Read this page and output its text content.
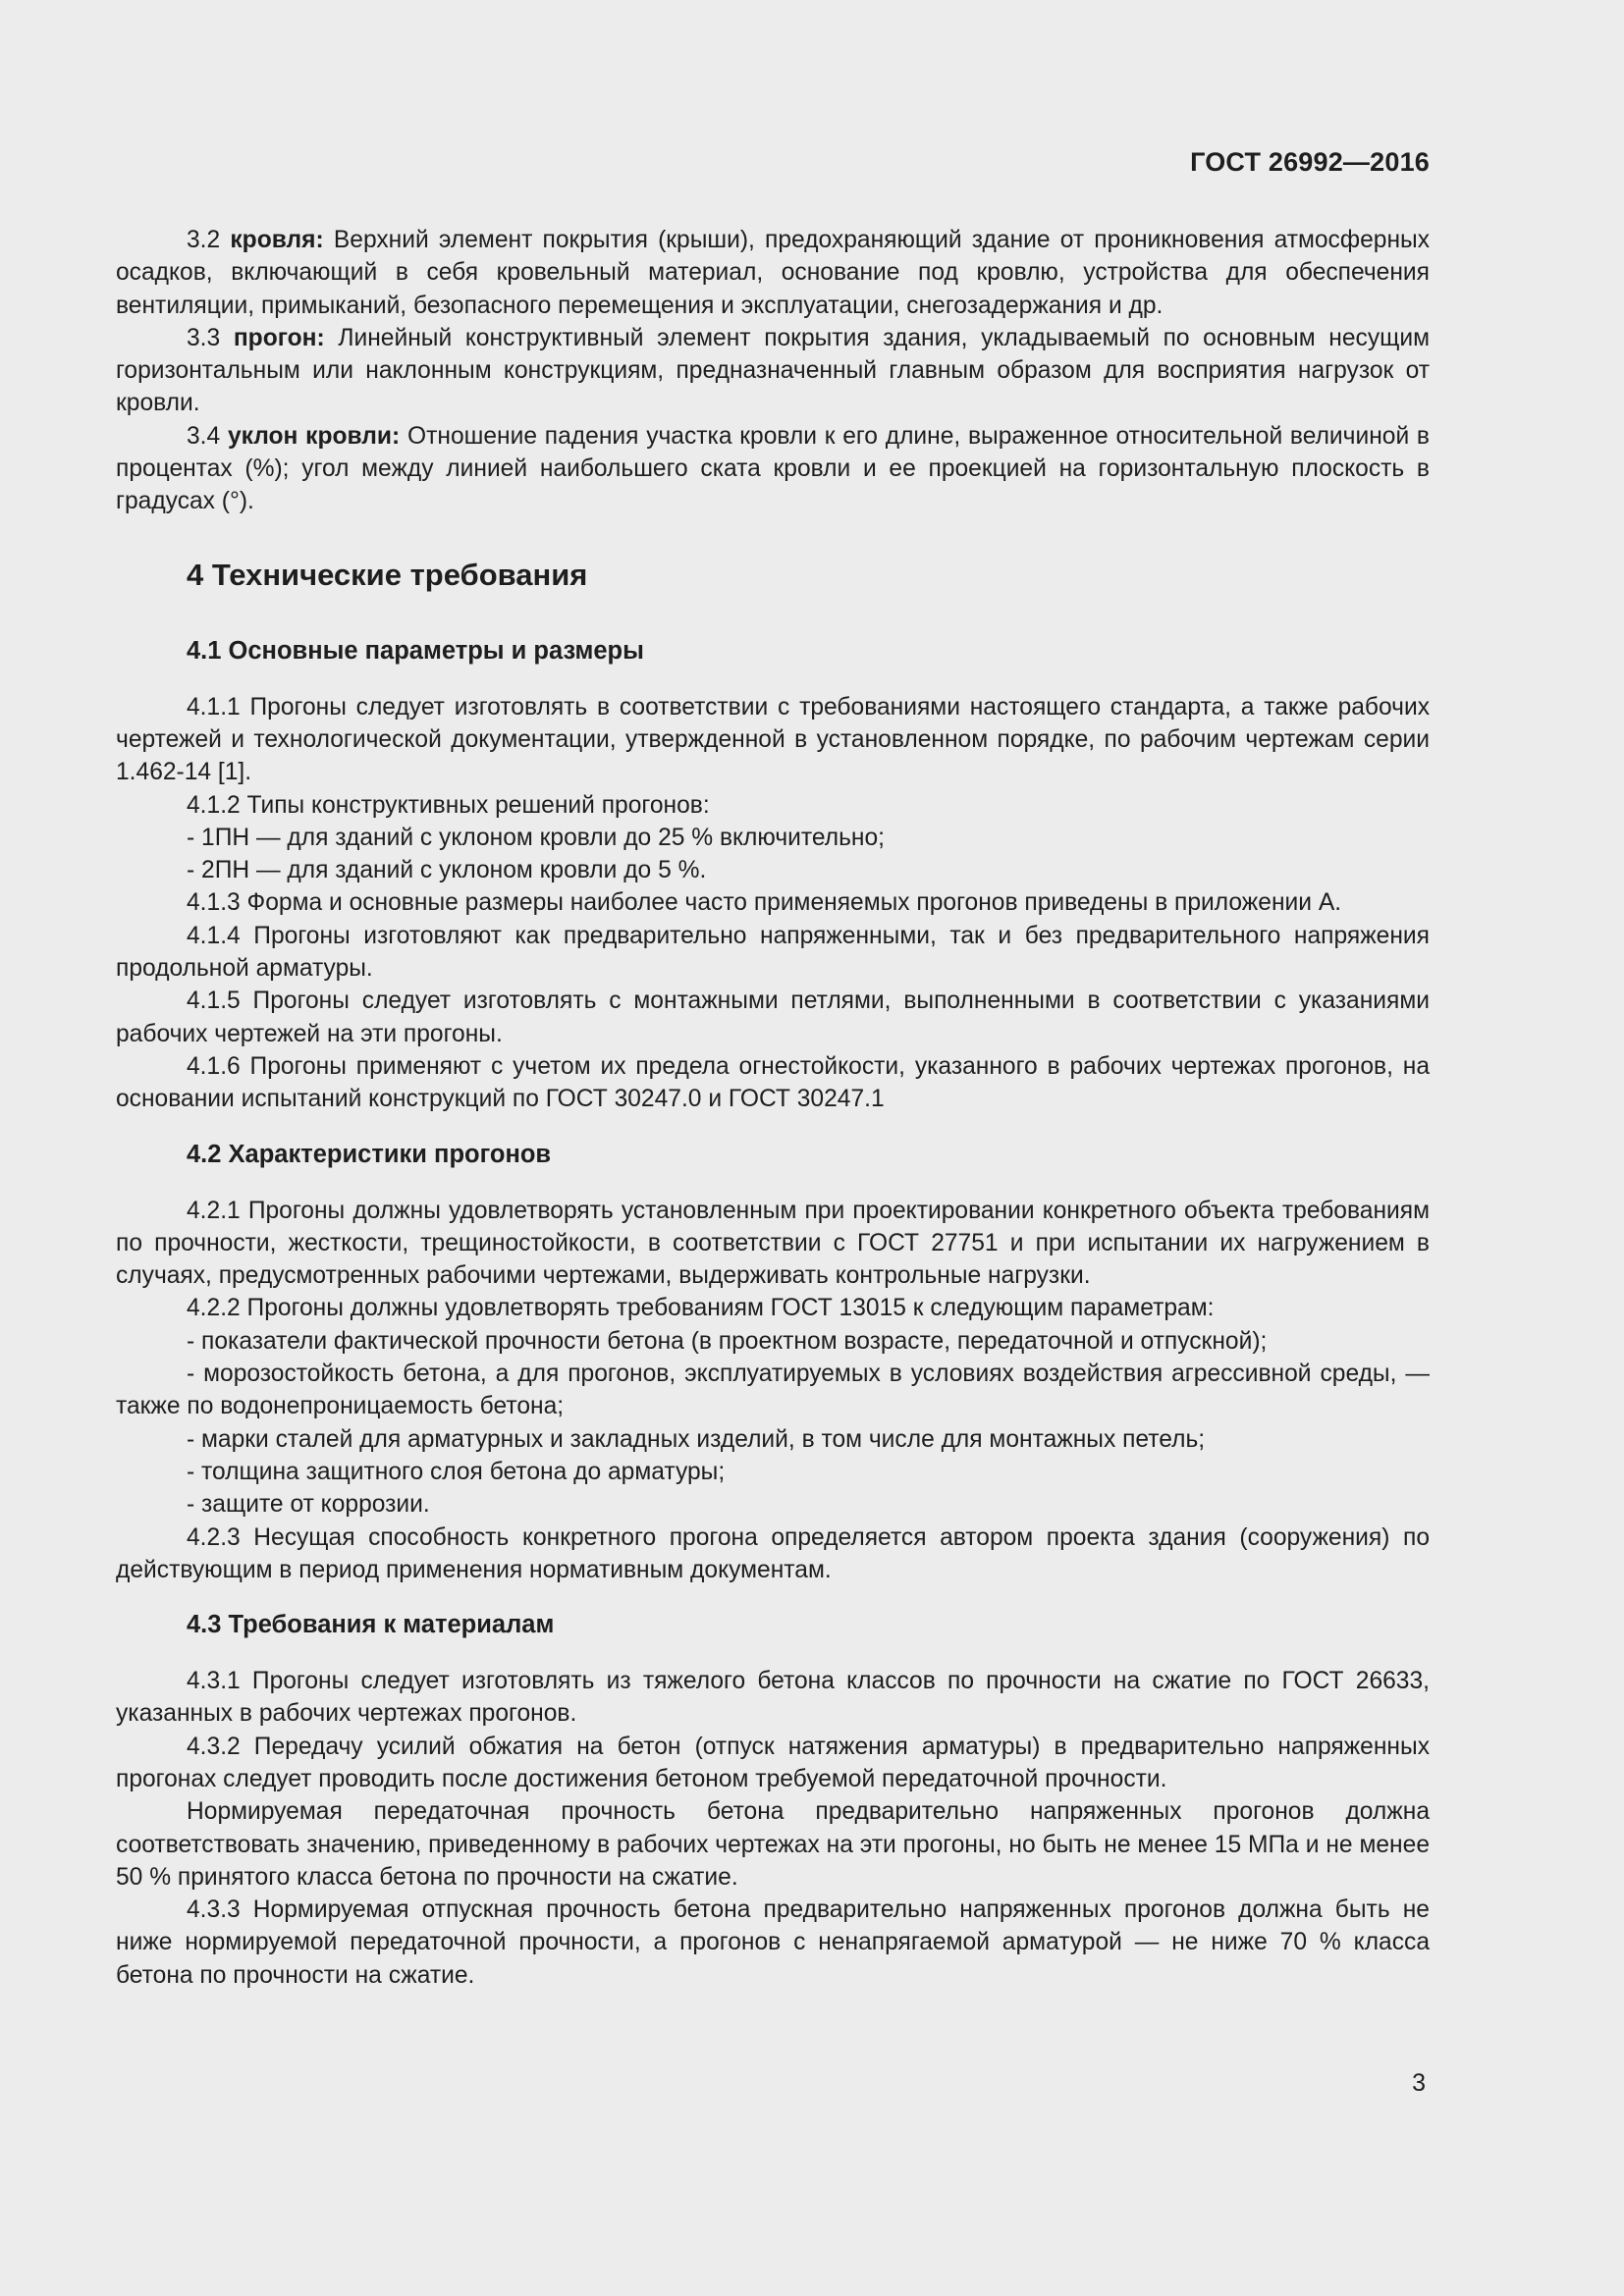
ГОСТ 26992—2016

3.2 кровля: Верхний элемент покрытия (крыши), предохраняющий здание от проникновения атмосферных осадков, включающий в себя кровельный материал, основание под кровлю, устройства для обеспечения вентиляции, примыканий, безопасного перемещения и эксплуатации, снегозадержания и др.

3.3 прогон: Линейный конструктивный элемент покрытия здания, укладываемый по основным несущим горизонтальным или наклонным конструкциям, предназначенный главным образом для восприятия нагрузок от кровли.

3.4 уклон кровли: Отношение падения участка кровли к его длине, выраженное относительной величиной в процентах (%); угол между линией наибольшего ската кровли и ее проекцией на горизонтальную плоскость в градусах (°).

4 Технические требования
4.1 Основные параметры и размеры

4.1.1 Прогоны следует изготовлять в соответствии с требованиями настоящего стандарта, а также рабочих чертежей и технологической документации, утвержденной в установленном порядке, по рабочим чертежам серии 1.462-14 [1].

4.1.2 Типы конструктивных решений прогонов:

- 1ПН — для зданий с уклоном кровли до 25 % включительно;

- 2ПН — для зданий с уклоном кровли до 5 %.

4.1.3 Форма и основные размеры наиболее часто применяемых прогонов приведены в приложении А.

4.1.4 Прогоны изготовляют как предварительно напряженными, так и без предварительного напряжения продольной арматуры.

4.1.5 Прогоны следует изготовлять с монтажными петлями, выполненными в соответствии с указаниями рабочих чертежей на эти прогоны.

4.1.6 Прогоны применяют с учетом их предела огнестойкости, указанного в рабочих чертежах прогонов, на основании испытаний конструкций по ГОСТ 30247.0 и ГОСТ 30247.1

4.2 Характеристики прогонов

4.2.1 Прогоны должны удовлетворять установленным при проектировании конкретного объекта требованиям по прочности, жесткости, трещиностойкости, в соответствии с ГОСТ 27751 и при испытании их нагружением в случаях, предусмотренных рабочими чертежами, выдерживать контрольные нагрузки.

4.2.2 Прогоны должны удовлетворять требованиям ГОСТ 13015 к следующим параметрам:

- показатели фактической прочности бетона (в проектном возрасте, передаточной и отпускной);

- морозостойкость бетона, а для прогонов, эксплуатируемых в условиях воздействия агрессивной среды, — также по водонепроницаемость бетона;

- марки сталей для арматурных и закладных изделий, в том числе для монтажных петель;

- толщина защитного слоя бетона до арматуры;

- защите от коррозии.

4.2.3 Несущая способность конкретного прогона определяется автором проекта здания (сооружения) по действующим в период применения нормативным документам.

4.3 Требования к материалам

4.3.1 Прогоны следует изготовлять из тяжелого бетона классов по прочности на сжатие по ГОСТ 26633, указанных в рабочих чертежах прогонов.

4.3.2 Передачу усилий обжатия на бетон (отпуск натяжения арматуры) в предварительно напряженных прогонах следует проводить после достижения бетоном требуемой передаточной прочности.

Нормируемая передаточная прочность бетона предварительно напряженных прогонов должна соответствовать значению, приведенному в рабочих чертежах на эти прогоны, но быть не менее 15 МПа и не менее 50 % принятого класса бетона по прочности на сжатие.

4.3.3 Нормируемая отпускная прочность бетона предварительно напряженных прогонов должна быть не ниже нормируемой передаточной прочности, а прогонов с ненапрягаемой арматурой — не ниже 70 % класса бетона по прочности на сжатие.

3
